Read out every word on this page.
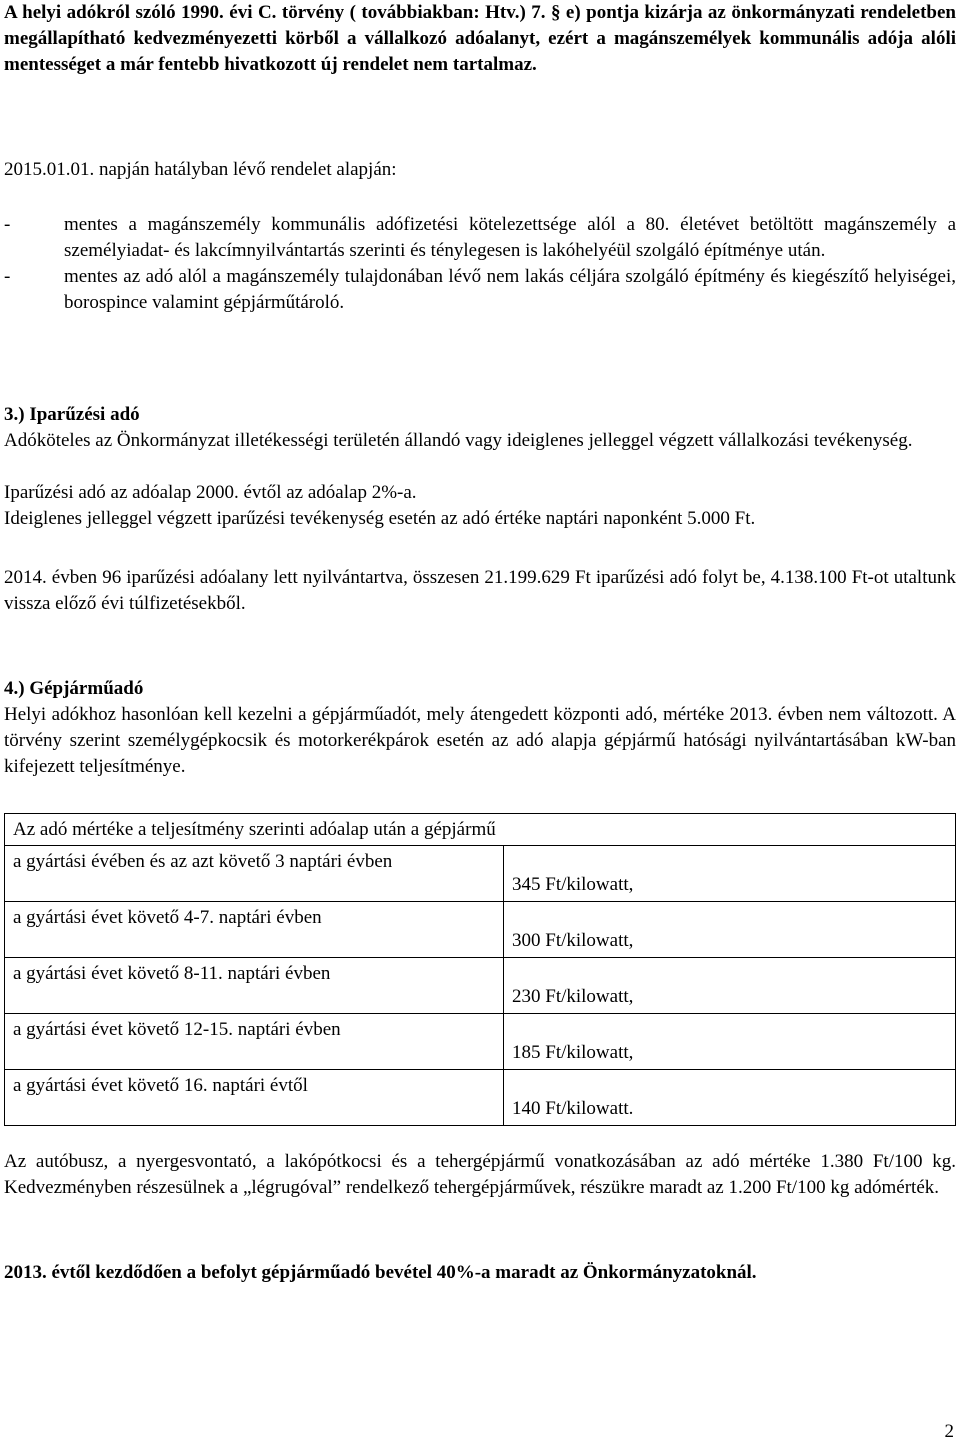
A helyi adókról szóló 1990. évi C. törvény ( továbbiakban: Htv.) 7. § e) pontja kizárja az önkormányzati rendeletben megállapítható kedvezményezetti körből a vállalkozó adóalanyt, ezért a magánszemélyek kommunális adója alóli mentességet a már fentebb hivatkozott új rendelet nem tartalmaz.

2015.01.01. napján hatályban lévő rendelet alapján:

-	mentes a magánszemély kommunális adófizetési kötelezettsége alól a 80. életévet betöltött magánszemély a személyiadat- és lakcímnyilvántartás szerinti és ténylegesen is lakóhelyéül szolgáló építménye után.

-	mentes az adó alól a magánszemély tulajdonában lévő nem lakás céljára szolgáló építmény és kiegészítő helyiségei, borospince valamint gépjárműtároló.

3.) Iparűzési adó

Adóköteles az Önkormányzat illetékességi területén állandó vagy ideiglenes jelleggel végzett vállalkozási tevékenység.

Iparűzési adó az adóalap 2000. évtől az adóalap 2%-a.

Ideiglenes jelleggel végzett iparűzési tevékenység esetén az adó értéke naptári naponként 5.000 Ft.

2014. évben 96 iparűzési adóalany lett nyilvántartva, összesen 21.199.629 Ft iparűzési adó folyt be, 4.138.100 Ft-ot utaltunk vissza előző évi túlfizetésekből.

4.) Gépjárműadó

Helyi adókhoz hasonlóan kell kezelni a gépjárműadót, mely átengedett központi adó, mértéke 2013. évben nem változott. A törvény szerint személygépkocsik és motorkerékpárok esetén az adó alapja gépjármű hatósági nyilvántartásában kW-ban kifejezett teljesítménye.

Az adó mértéke a teljesítmény szerinti adóalap után a gépjármű	
a gyártási évében és az azt követő 3 naptári évben	345 Ft/kilowatt,
a gyártási évet követő 4-7. naptári évben	300 Ft/kilowatt,
a gyártási évet követő 8-11. naptári évben	230 Ft/kilowatt,
a gyártási évet követő 12-15. naptári évben	185 Ft/kilowatt,
a gyártási évet követő 16. naptári évtől	140 Ft/kilowatt.

Az autóbusz, a nyergesvontató, a lakópótkocsi és a tehergépjármű vonatkozásában az adó mértéke 1.380 Ft/100 kg. Kedvezményben részesülnek a „légrugóval” rendelkező tehergépjárművek, részükre maradt az 1.200 Ft/100 kg adómérték.

2013. évtől kezdődően a befolyt gépjárműadó bevétel 40%-a maradt az Önkormányzatoknál.

2
